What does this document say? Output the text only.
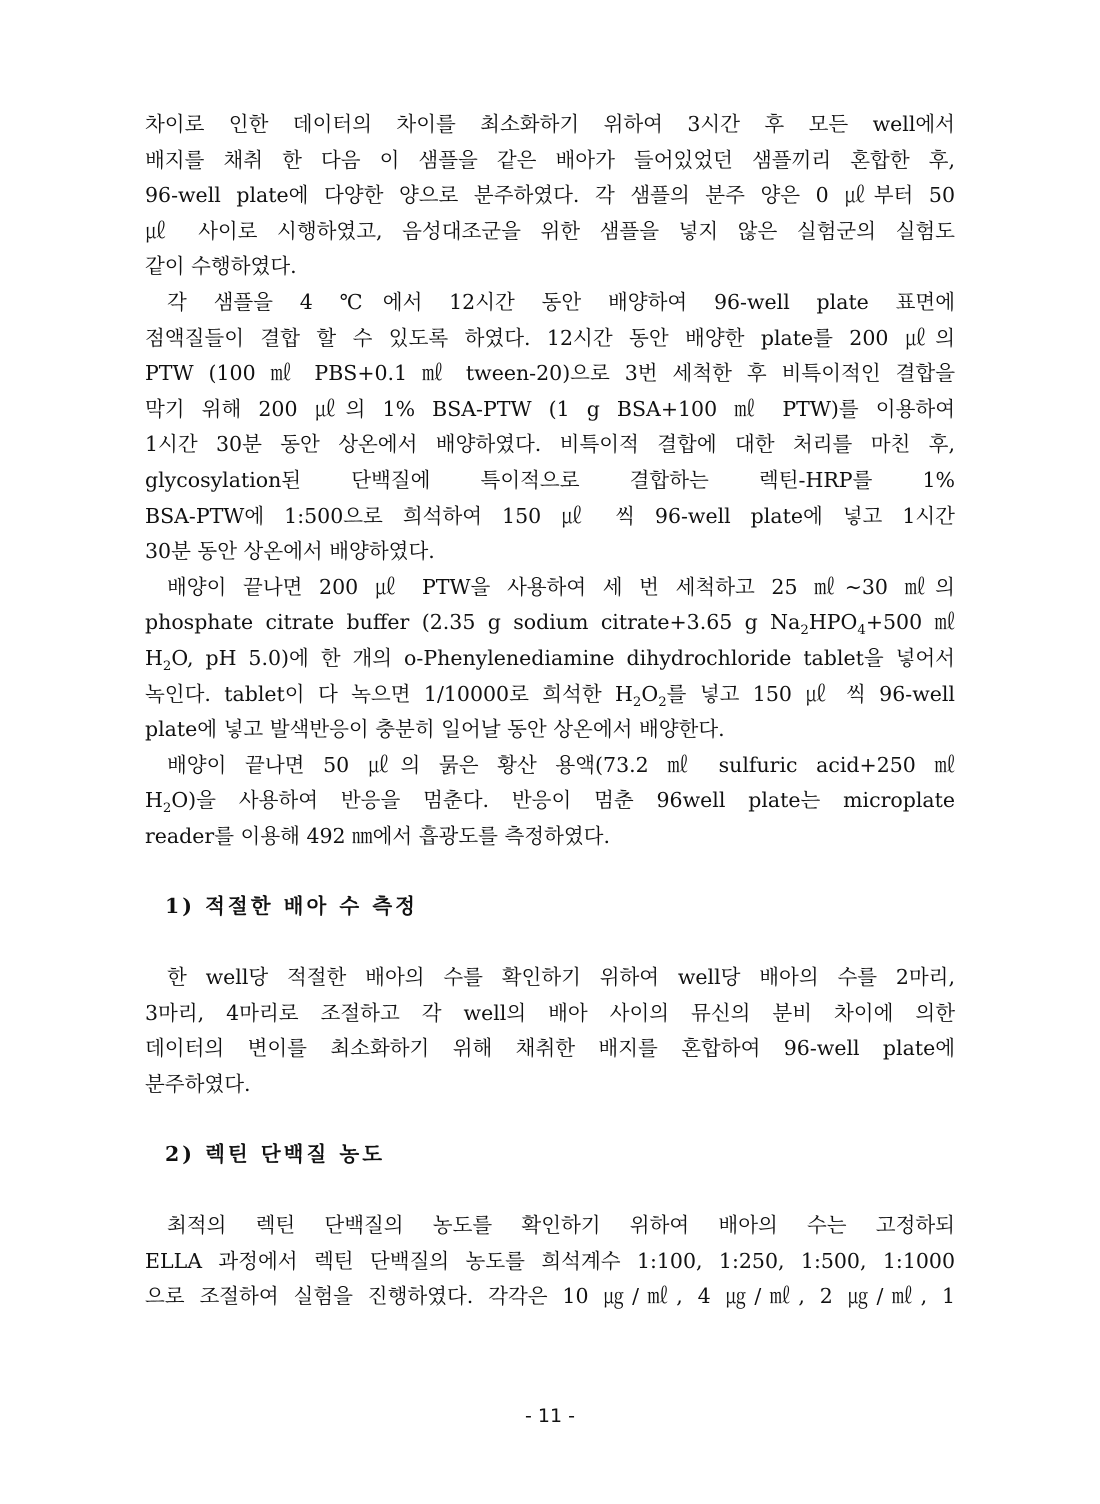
차이로 인한 데이터의 차이를 최소화하기 위하여 3시간 후 모든 well에서

배지를 채취 한 다음 이 샘플을 같은 배아가 들어있었던 샘플끼리 혼합한 후,

96-well plate에 다양한 양으로 분주하였다. 각 샘플의 분주 양은 0 ㎕부터 50

㎕ 사이로 시행하였고, 음성대조군을 위한 샘플을 넣지 않은 실험군의 실험도

같이 수행하였다.

각 샘플을 4 ℃에서 12시간 동안 배양하여 96-well plate 표면에

점액질들이 결합 할 수 있도록 하였다. 12시간 동안 배양한 plate를 200 ㎕의

PTW (100 ㎖ PBS+0.1 ㎖ tween-20)으로 3번 세척한 후 비특이적인 결합을

막기 위해 200 ㎕의 1% BSA-PTW (1 g BSA+100 ㎖ PTW)를 이용하여

1시간 30분 동안 상온에서 배양하였다. 비특이적 결합에 대한 처리를 마친 후,

glycosylation된 단백질에 특이적으로 결합하는 렉틴-HRP를 1%

BSA-PTW에 1:500으로 희석하여 150 ㎕ 씩 96-well plate에 넣고 1시간

30분 동안 상온에서 배양하였다.

배양이 끝나면 200 ㎕ PTW을 사용하여 세 번 세척하고 25 ㎖∼30 ㎖의

phosphate citrate buffer (2.35 g sodium citrate+3.65 g $Na_2HPO_4+500$ ㎖

$H_2O$, pH 5.0)에 한 개의 o-Phenylenediamine dihydrochloride tablet을 넣어서

녹인다. tablet이 다 녹으면 1/10000로 희석한 $H_2O_2$를 넣고 150 ㎕ 씩 96-well

plate에 넣고 발색반응이 충분히 일어날 동안 상온에서 배양한다.

배양이 끝나면 50 ㎕의 묽은 황산 용액(73.2 ㎖ sulfuric acid+250 ㎖

$H_2O$)을 사용하여 반응을 멈춘다. 반응이 멈춘 96well plate는 microplate

reader를 이용해 492 ㎚에서 흡광도를 측정하였다.

1) 적절한 배아 수 측정

한 well당 적절한 배아의 수를 확인하기 위하여 well당 배아의 수를 2마리,

3마리, 4마리로 조절하고 각 well의 배아 사이의 뮤신의 분비 차이에 의한

데이터의 변이를 최소화하기 위해 채취한 배지를 혼합하여 96-well plate에

분주하였다.

2) 렉틴 단백질 농도

최적의 렉틴 단백질의 농도를 확인하기 위하여 배아의 수는 고정하되

ELLA 과정에서 렉틴 단백질의 농도를 희석계수 1:100, 1:250, 1:500, 1:1000

으로 조절하여 실험을 진행하였다. 각각은 10 ㎍/㎖, 4 ㎍/㎖, 2 ㎍/㎖, 1

- 11 -
